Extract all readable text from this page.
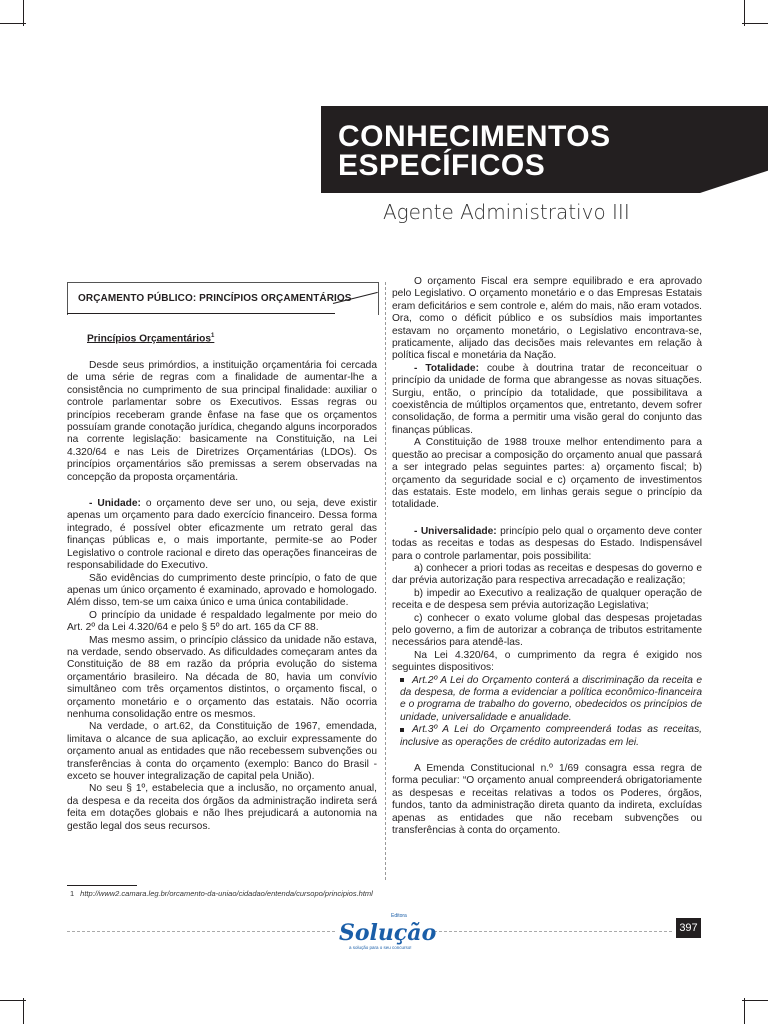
CONHECIMENTOS
ESPECÍFICOS
Agente Administrativo III
ORÇAMENTO PÚBLICO: PRINCÍPIOS ORÇAMENTÁRIOS
Princípios Orçamentários$^1$

Desde seus primórdios, a instituição orçamentária foi cercada de uma série de regras com a finalidade de aumentar-lhe a consistência no cumprimento de sua principal finalidade: auxiliar o controle parlamentar sobre os Executivos. Essas regras ou princípios receberam grande ênfase na fase que os orçamentos possuíam grande conotação jurídica, chegando alguns incorporados na corrente legislação: basicamente na Constituição, na Lei 4.320/64 e nas Leis de Diretrizes Orçamentárias (LDOs). Os princípios orçamentários são premissas a serem observadas na concepção da proposta orçamentária.

- Unidade: o orçamento deve ser uno, ou seja, deve existir apenas um orçamento para dado exercício financeiro. Dessa forma integrado, é possível obter eficazmente um retrato geral das finanças públicas e, o mais importante, permite-se ao Poder Legislativo o controle racional e direto das operações financeiras de responsabilidade do Executivo.

São evidências do cumprimento deste princípio, o fato de que apenas um único orçamento é examinado, aprovado e homologado. Além disso, tem-se um caixa único e uma única contabilidade.

O princípio da unidade é respaldado legalmente por meio do Art. 2º da Lei 4.320/64 e pelo § 5º do art. 165 da CF 88.

Mas mesmo assim, o princípio clássico da unidade não estava, na verdade, sendo observado. As dificuldades começaram antes da Constituição de 88 em razão da própria evolução do sistema orçamentário brasileiro. Na década de 80, havia um convívio simultâneo com três orçamentos distintos, o orçamento fiscal, o orçamento monetário e o orçamento das estatais. Não ocorria nenhuma consolidação entre os mesmos.

Na verdade, o art.62, da Constituição de 1967, emendada, limitava o alcance de sua aplicação, ao excluir expressamente do orçamento anual as entidades que não recebessem subvenções ou transferências à conta do orçamento (exemplo: Banco do Brasil - exceto se houver integralização de capital pela União).

No seu § 1º, estabelecia que a inclusão, no orçamento anual, da despesa e da receita dos órgãos da administração indireta será feita em dotações globais e não lhes prejudicará a autonomia na gestão legal dos seus recursos.

1 http://www2.camara.leg.br/orcamento-da-uniao/cidadao/entenda/cursopo/principios.html

O orçamento Fiscal era sempre equilibrado e era aprovado pelo Legislativo. O orçamento monetário e o das Empresas Estatais eram deficitários e sem controle e, além do mais, não eram votados. Ora, como o déficit público e os subsídios mais importantes estavam no orçamento monetário, o Legislativo encontrava-se, praticamente, alijado das decisões mais relevantes em relação à política fiscal e monetária da Nação.

- Totalidade: coube à doutrina tratar de reconceituar o princípio da unidade de forma que abrangesse as novas situações. Surgiu, então, o princípio da totalidade, que possibilitava a coexistência de múltiplos orçamentos que, entretanto, devem sofrer consolidação, de forma a permitir uma visão geral do conjunto das finanças públicas.

A Constituição de 1988 trouxe melhor entendimento para a questão ao precisar a composição do orçamento anual que passará a ser integrado pelas seguintes partes: a) orçamento fiscal; b) orçamento da seguridade social e c) orçamento de investimentos das estatais. Este modelo, em linhas gerais segue o princípio da totalidade.

- Universalidade: princípio pelo qual o orçamento deve conter todas as receitas e todas as despesas do Estado. Indispensável para o controle parlamentar, pois possibilita:

a) conhecer a priori todas as receitas e despesas do governo e dar prévia autorização para respectiva arrecadação e realização;

b) impedir ao Executivo a realização de qualquer operação de receita e de despesa sem prévia autorização Legislativa;

c) conhecer o exato volume global das despesas projetadas pelo governo, a fim de autorizar a cobrança de tributos estritamente necessários para atendê-las.

Na Lei 4.320/64, o cumprimento da regra é exigido nos seguintes dispositivos:

Art.2º A Lei do Orçamento conterá a discriminação da receita e da despesa, de forma a evidenciar a política econômico-financeira e o programa de trabalho do governo, obedecidos os princípios de unidade, universalidade e anualidade.
Art.3º A Lei do Orçamento compreenderá todas as receitas, inclusive as operações de crédito autorizadas em lei.

A Emenda Constitucional n.º 1/69 consagra essa regra de forma peculiar: “O orçamento anual compreenderá obrigatoriamente as despesas e receitas relativas a todos os Poderes, órgãos, fundos, tanto da administração direta quanto da indireta, excluídas apenas as entidades que não recebam subvenções ou transferências à conta do orçamento.

Editora
Solução
a solução para o seu concurso!
397
